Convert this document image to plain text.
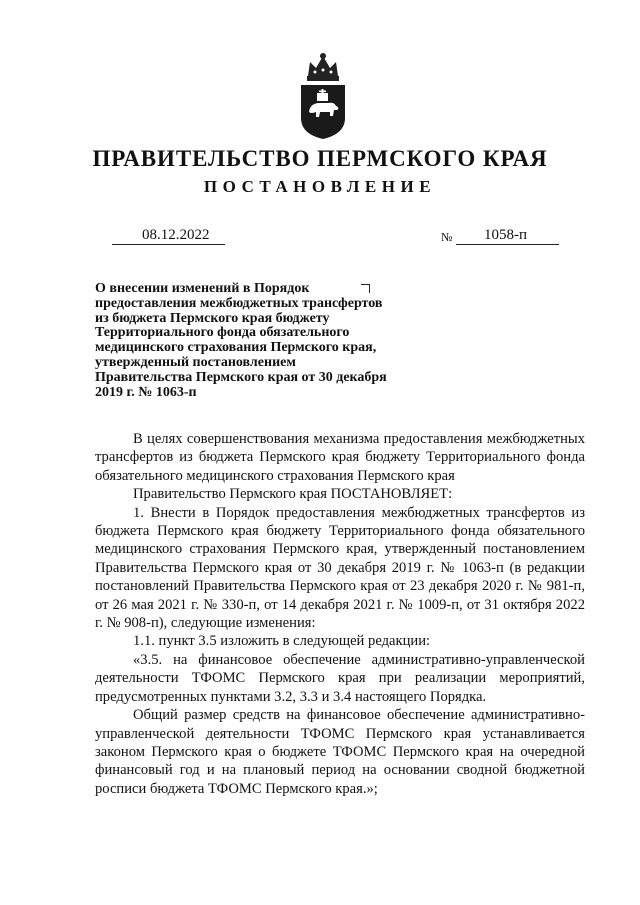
ПРАВИТЕЛЬСТВО ПЕРМСКОГО КРАЯ
ПОСТАНОВЛЕНИЕ
08.12.2022	№ 1058-п
О внесении изменений в Порядок предоставления межбюджетных трансфертов из бюджета Пермского края бюджету Территориального фонда обязательного медицинского страхования Пермского края, утвержденный постановлением Правительства Пермского края от 30 декабря 2019 г. № 1063-п

В целях совершенствования механизма предоставления межбюджетных трансфертов из бюджета Пермского края бюджету Территориального фонда обязательного медицинского страхования Пермского края

Правительство Пермского края ПОСТАНОВЛЯЕТ:

1. Внести в Порядок предоставления межбюджетных трансфертов из бюджета Пермского края бюджету Территориального фонда обязательного медицинского страхования Пермского края, утвержденный постановлением Правительства Пермского края от 30 декабря 2019 г. № 1063-п (в редакции постановлений Правительства Пермского края от 23 декабря 2020 г. № 981-п, от 26 мая 2021 г. № 330-п, от 14 декабря 2021 г. № 1009-п, от 31 октября 2022 г. № 908-п), следующие изменения:

1.1. пункт 3.5 изложить в следующей редакции:

«3.5. на финансовое обеспечение административно-управленческой деятельности ТФОМС Пермского края при реализации мероприятий, предусмотренных пунктами 3.2, 3.3 и 3.4 настоящего Порядка.

Общий размер средств на финансовое обеспечение административно-управленческой деятельности ТФОМС Пермского края устанавливается законом Пермского края о бюджете ТФОМС Пермского края на очередной финансовый год и на плановый период на основании сводной бюджетной росписи бюджета ТФОМС Пермского края.»;
